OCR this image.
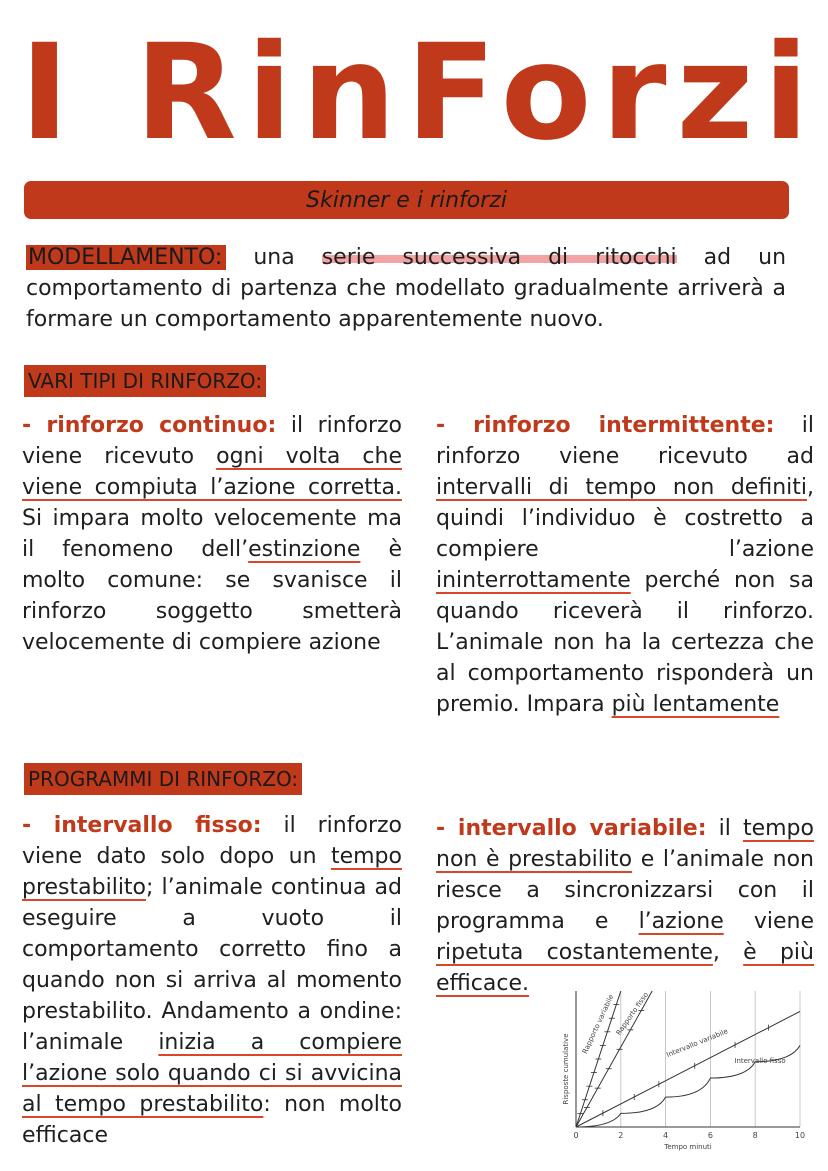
I RinForzi
Skinner e i rinforzi
MODELLAMENTO: una serie successiva di ritocchi ad un comportamento di partenza che modellato gradualmente arriverà a formare un comportamento apparentemente nuovo.
VARI TIPI DI RINFORZO:
- rinforzo continuo: il rinforzo viene ricevuto ogni volta che viene compiuta l’azione corretta. Si impara molto velocemente ma il fenomeno dell’estinzione è molto comune: se svanisce il rinforzo soggetto smetterà velocemente di compiere azione
- rinforzo intermittente: il rinforzo viene ricevuto ad intervalli di tempo non definiti, quindi l’individuo è costretto a compiere l’azione ininterrottamente perché non sa quando riceverà il rinforzo. L’animale non ha la certezza che al comportamento risponderà un premio. Impara più lentamente
PROGRAMMI DI RINFORZO:
- intervallo fisso: il rinforzo viene dato solo dopo un tempo prestabilito; l’animale continua ad eseguire a vuoto il comportamento corretto fino a quando non si arriva al momento prestabilito. Andamento a ondine: l’animale inizia a compiere l’azione solo quando ci si avvicina al tempo prestabilito: non molto efficace
- intervallo variabile: il tempo non è prestabilito e l’animale non riesce a sincronizzarsi con il programma e l’azione viene ripetuta costantemente, è più efficace.
0	2	4	6	8	10
Tempo minuti
Risposte cumulative
Rapporto variabile Rapporto fisso
Intervallo variabile
Intervallo fisso
